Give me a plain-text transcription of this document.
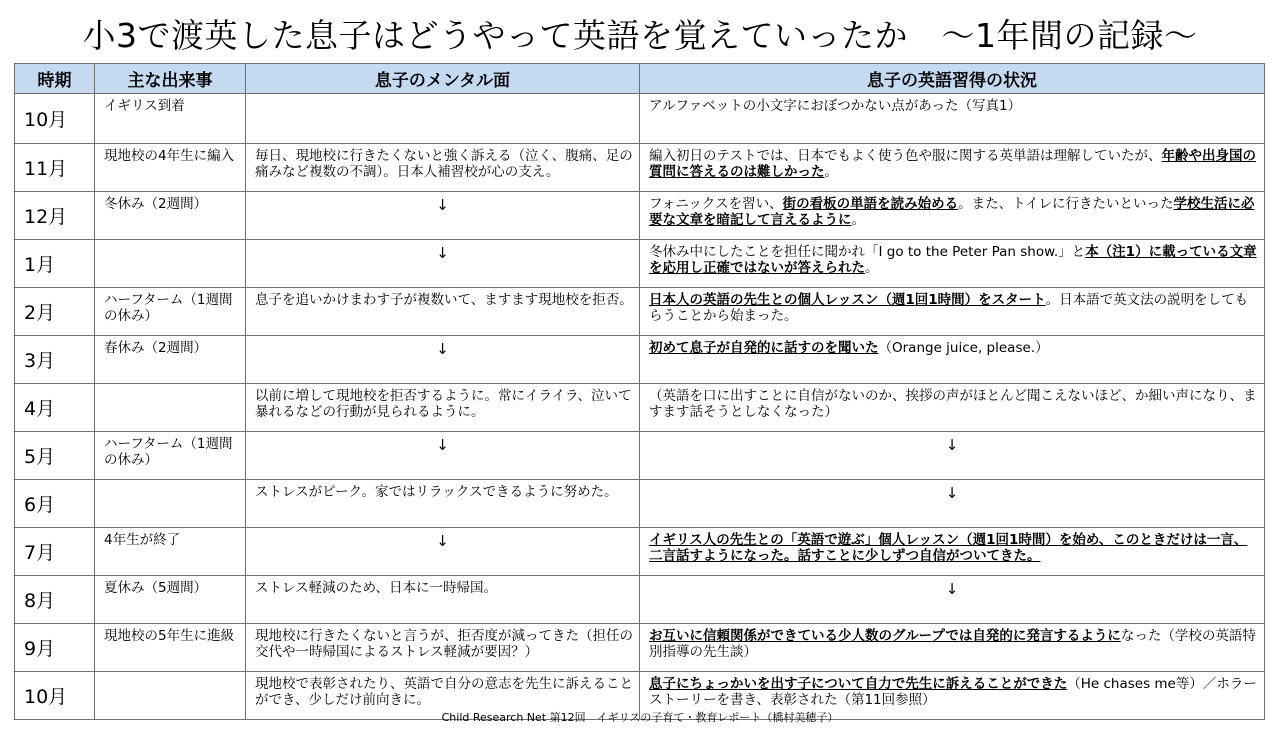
小3で渡英した息子はどうやって英語を覚えていったか　～1年間の記録～
時期	主な出来事	息子のメンタル面	息子の英語習得の状況
10月	イギリス到着		アルファベットの小文字におぼつかない点があった（写真1）
11月	現地校の4年生に編入	毎日、現地校に行きたくないと強く訴える（泣く、腹痛、足の痛みなど複数の不調）。日本人補習校が心の支え。	編入初日のテストでは、日本でもよく使う色や服に関する英単語は理解していたが、年齢や出身国の質問に答えるのは難しかった。
12月	冬休み（2週間）	↓	フォニックスを習い、街の看板の単語を読み始める。また、トイレに行きたいといった学校生活に必要な文章を暗記して言えるように。
1月		↓	冬休み中にしたことを担任に聞かれ「I go to the Peter Pan show.」と本（注1）に載っている文章を応用し正確ではないが答えられた。
2月	ハーフターム（1週間の休み）	息子を追いかけまわす子が複数いて、ますます現地校を拒否。	日本人の英語の先生との個人レッスン（週1回1時間）をスタート。日本語で英文法の説明をしてもらうことから始まった。
3月	春休み（2週間）	↓	初めて息子が自発的に話すのを聞いた（Orange juice, please.）
4月		以前に増して現地校を拒否するように。常にイライラ、泣いて暴れるなどの行動が見られるように。	（英語を口に出すことに自信がないのか、挨拶の声がほとんど聞こえないほど、か細い声になり、ますます話そうとしなくなった）
5月	ハーフターム（1週間の休み）	↓	↓
6月		ストレスがピーク。家ではリラックスできるように努めた。	↓
7月	4年生が終了	↓	イギリス人の先生との「英語で遊ぶ」個人レッスン（週1回1時間）を始め、このときだけは一言、二言話すようになった。話すことに少しずつ自信がついてきた。
8月	夏休み（5週間）	ストレス軽減のため、日本に一時帰国。	↓
9月	現地校の5年生に進級	現地校に行きたくないと言うが、拒否度が減ってきた（担任の交代や一時帰国によるストレス軽減が要因？）	お互いに信頼関係ができている少人数のグループでは自発的に発言するようになった（学校の英語特別指導の先生談）
10月		現地校で表彰されたり、英語で自分の意志を先生に訴えることができ、少しだけ前向きに。	息子にちょっかいを出す子について自力で先生に訴えることができた（He chases me等）／ホラーストーリーを書き、表彰された（第11回参照）
Child Research Net 第12回　イギリスの子育て・教育レポート（橋村美穂子）
